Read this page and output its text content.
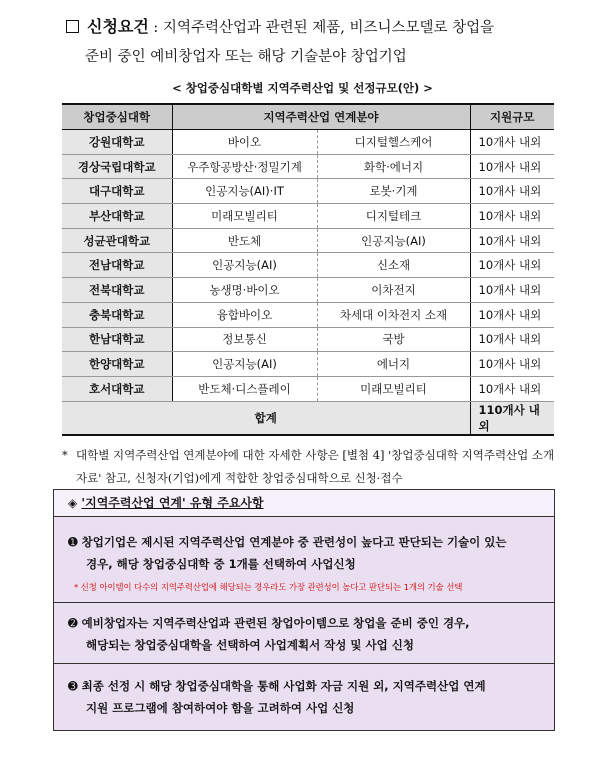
신청요건 : 지역주력산업과 관련된 제품, 비즈니스모델로 창업을
준비 중인 예비창업자 또는 해당 기술분야 창업기업
< 창업중심대학별 지역주력산업 및 선정규모(안) >
창업중심대학	지역주력산업 연계분야		지원규모
강원대학교	바이오	디지털헬스케어	10개사 내외
경상국립대학교	우주항공방산·정밀기계	화학·에너지	10개사 내외
대구대학교	인공지능(AI)·IT	로봇·기계	10개사 내외
부산대학교	미래모빌리티	디지털테크	10개사 내외
성균관대학교	반도체	인공지능(AI)	10개사 내외
전남대학교	인공지능(AI)	신소재	10개사 내외
전북대학교	농생명·바이오	이차전지	10개사 내외
충북대학교	융합바이오	차세대 이차전지 소재	10개사 내외
한남대학교	정보통신	국방	10개사 내외
한양대학교	인공지능(AI)	에너지	10개사 내외
호서대학교	반도체·디스플레이	미래모빌리티	10개사 내외
합계			110개사 내외
* 대학별 지역주력산업 연계분야에 대한 자세한 사항은 [별첨 4] '창업중심대학 지역주력산업 소개자료' 참고, 신청자(기업)에게 적합한 창업중심대학으로 신청·접수
◈ '지역주력산업 연계' 유형 주요사항
➊ 창업기업은 제시된 지역주력산업 연계분야 중 관련성이 높다고 판단되는 기술이 있는
경우, 해당 창업중심대학 중 1개를 선택하여 사업신청
* 신청 아이템이 다수의 지역주력산업에 해당되는 경우라도 가장 관련성이 높다고 판단되는 1개의 기술 선택
➋ 예비창업자는 지역주력산업과 관련된 창업아이템으로 창업을 준비 중인 경우,
해당되는 창업중심대학을 선택하여 사업계획서 작성 및 사업 신청
➌ 최종 선정 시 해당 창업중심대학을 통해 사업화 자금 지원 외, 지역주력산업 연계
지원 프로그램에 참여하여야 함을 고려하여 사업 신청
